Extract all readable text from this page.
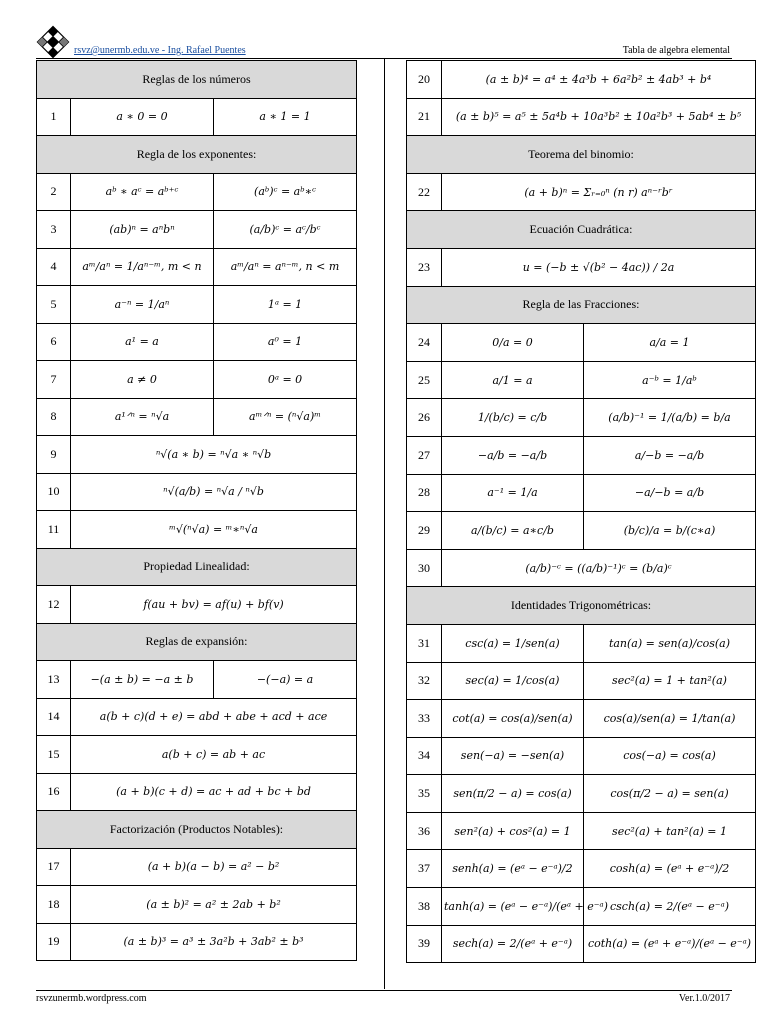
rsvz@unermb.edu.ve - Ing. Rafael Puentes	Tabla de algebra elemental
Reglas de los números		
1	a ∗ 0 = 0	a ∗ 1 = 1
Regla de los exponentes:		
2	aᵇ ∗ aᶜ = aᵇ⁺ᶜ	(aᵇ)ᶜ = aᵇ∗ᶜ
3	(ab)ⁿ = aⁿbⁿ	(a/b)ᶜ = aᶜ/bᶜ
4	aᵐ/aⁿ = 1/aⁿ⁻ᵐ, m < n	aᵐ/aⁿ = aⁿ⁻ᵐ, n < m
5	a⁻ⁿ = 1/aⁿ	1ᵃ = 1
6	a¹ = a	a⁰ = 1
7	a ≠ 0	0ᵃ = 0
8	a¹ᐟⁿ = ⁿ√a	aᵐᐟⁿ = (ⁿ√a)ᵐ
9	ⁿ√(a ∗ b) = ⁿ√a ∗ ⁿ√b	
10	ⁿ√(a/b) = ⁿ√a / ⁿ√b	
11	ᵐ√(ⁿ√a) = ᵐ∗ⁿ√a	
Propiedad Linealidad:		
12	f(au + bv) = af(u) + bf(v)	
Reglas de expansión:		
13	−(a ± b) = −a ± b	−(−a) = a
14	a(b + c)(d + e) = abd + abe + acd + ace	
15	a(b + c) = ab + ac	
16	(a + b)(c + d) = ac + ad + bc + bd	
Factorización (Productos Notables):		
17	(a + b)(a − b) = a² − b²	
18	(a ± b)² = a² ± 2ab + b²	
19	(a ± b)³ = a³ ± 3a²b + 3ab² ± b³	
20	(a ± b)⁴ = a⁴ ± 4a³b + 6a²b² ± 4ab³ + b⁴	
21	(a ± b)⁵ = a⁵ ± 5a⁴b + 10a³b² ± 10a²b³ + 5ab⁴ ± b⁵	
Teorema del binomio:		
22	(a + b)ⁿ = Σᵣ₌₀ⁿ (n r) aⁿ⁻ʳbʳ	
Ecuación Cuadrática:		
23	u = (−b ± √(b² − 4ac)) / 2a	
Regla de las Fracciones:		
24	0/a = 0	a/a = 1
25	a/1 = a	a⁻ᵇ = 1/aᵇ
26	1/(b/c) = c/b	(a/b)⁻¹ = 1/(a/b) = b/a
27	−a/b = −a/b	a/−b = −a/b
28	a⁻¹ = 1/a	−a/−b = a/b
29	a/(b/c) = a∗c/b	(b/c)/a = b/(c∗a)
30	(a/b)⁻ᶜ = ((a/b)⁻¹)ᶜ = (b/a)ᶜ	
Identidades Trigonométricas:		
31	csc(a) = 1/sen(a)	tan(a) = sen(a)/cos(a)
32	sec(a) = 1/cos(a)	sec²(a) = 1 + tan²(a)
33	cot(a) = cos(a)/sen(a)	cos(a)/sen(a) = 1/tan(a)
34	sen(−a) = −sen(a)	cos(−a) = cos(a)
35	sen(π/2 − a) = cos(a)	cos(π/2 − a) = sen(a)
36	sen²(a) + cos²(a) = 1	sec²(a) + tan²(a) = 1
37	senh(a) = (eᵃ − e⁻ᵃ)/2	cosh(a) = (eᵃ + e⁻ᵃ)/2
38	tanh(a) = (eᵃ − e⁻ᵃ)/(eᵃ + e⁻ᵃ)	csch(a) = 2/(eᵃ − e⁻ᵃ)
39	sech(a) = 2/(eᵃ + e⁻ᵃ)	coth(a) = (eᵃ + e⁻ᵃ)/(eᵃ − e⁻ᵃ)
rsvzunermb.wordpress.com	Ver.1.0/2017
